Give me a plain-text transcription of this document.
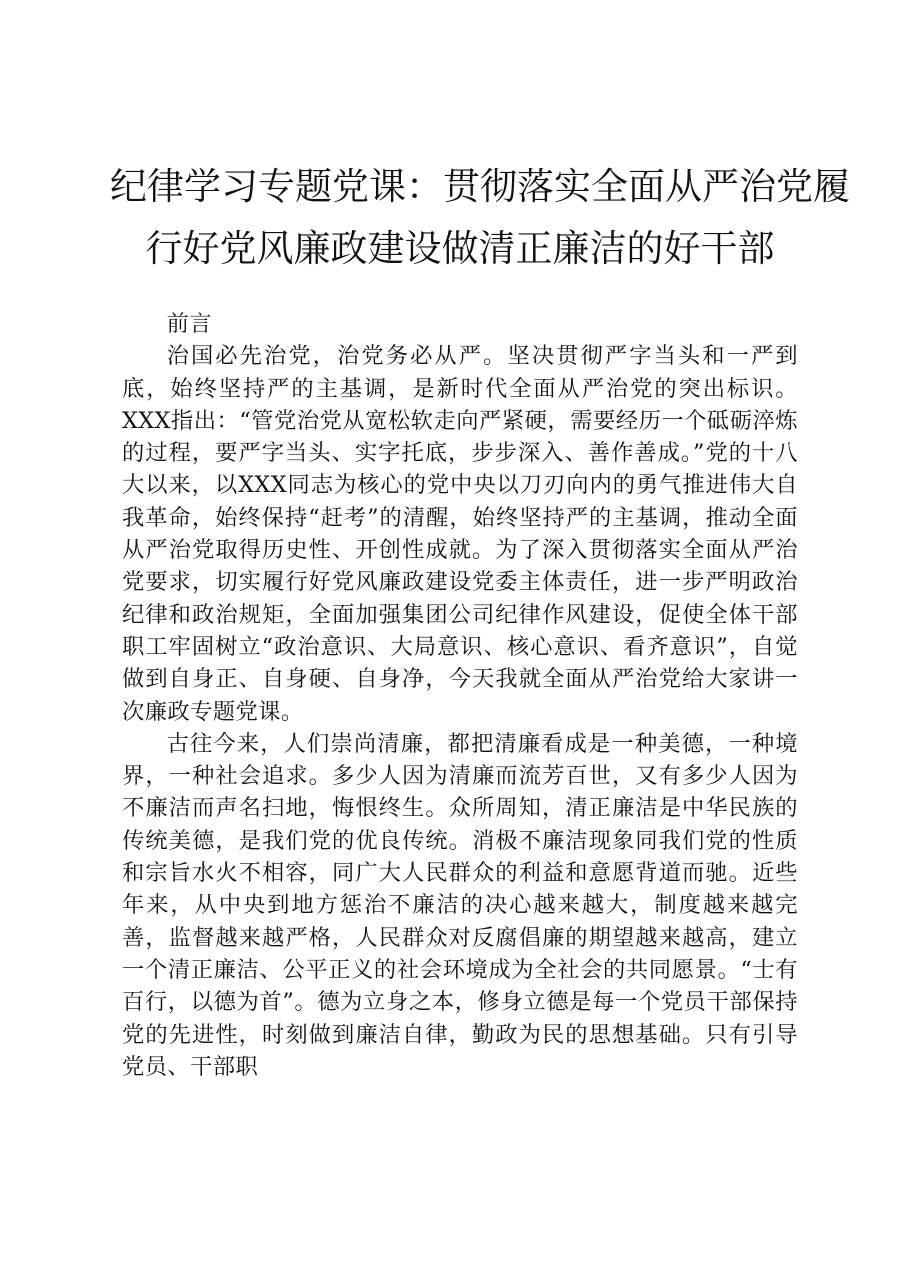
纪律学习专题党课：贯彻落实全面从严治党履
行好党风廉政建设做清正廉洁的好干部

前言

治国必先治党，治党务必从严。坚决贯彻严字当头和一严到底，始终坚持严的主基调，是新时代全面从严治党的突出标识。XXX指出：“管党治党从宽松软走向严紧硬，需要经历一个砥砺淬炼的过程，要严字当头、实字托底，步步深入、善作善成。”党的十八大以来，以XXX同志为核心的党中央以刀刃向内的勇气推进伟大自我革命，始终保持“赶考”的清醒，始终坚持严的主基调，推动全面从严治党取得历史性、开创性成就。为了深入贯彻落实全面从严治党要求，切实履行好党风廉政建设党委主体责任，进一步严明政治纪律和政治规矩，全面加强集团公司纪律作风建设，促使全体干部职工牢固树立“政治意识、大局意识、核心意识、看齐意识”，自觉做到自身正、自身硬、自身净，今天我就全面从严治党给大家讲一次廉政专题党课。

古往今来，人们崇尚清廉，都把清廉看成是一种美德，一种境界，一种社会追求。多少人因为清廉而流芳百世，又有多少人因为不廉洁而声名扫地，悔恨终生。众所周知，清正廉洁是中华民族的传统美德，是我们党的优良传统。消极不廉洁现象同我们党的性质和宗旨水火不相容，同广大人民群众的利益和意愿背道而驰。近些年来，从中央到地方惩治不廉洁的决心越来越大，制度越来越完善，监督越来越严格，人民群众对反腐倡廉的期望越来越高，建立一个清正廉洁、公平正义的社会环境成为全社会的共同愿景。“士有百行，以德为首”。德为立身之本，修身立德是每一个党员干部保持党的先进性，时刻做到廉洁自律，勤政为民的思想基础。只有引导党员、干部职
